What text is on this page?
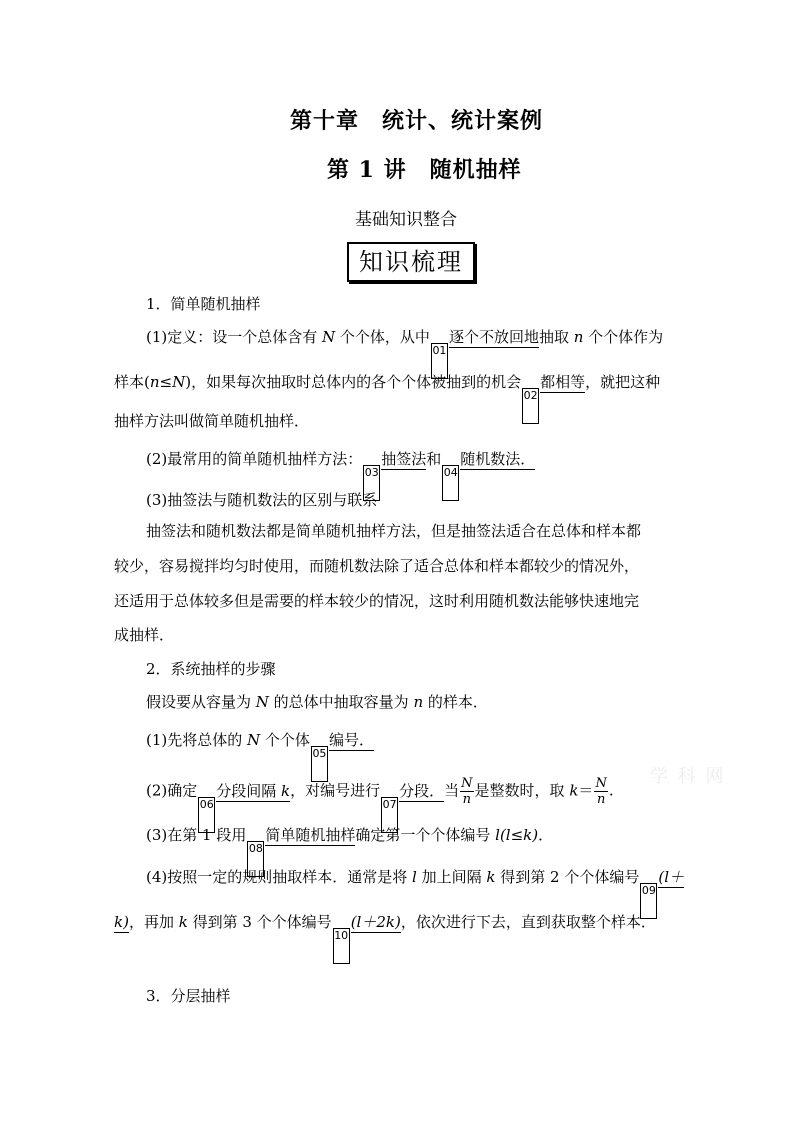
第十章　统计、统计案例
第 1 讲　随机抽样
基础知识整合
知识梳理
1．简单随机抽样
(1)定义：设一个总体含有 N 个个体，从中01逐个不放回地抽取 n 个个体作为
样本(n≤N)，如果每次抽取时总体内的各个个体被抽到的机会02都相等，就把这种
抽样方法叫做简单随机抽样．
(2)最常用的简单随机抽样方法：03抽签法和04随机数法．
(3)抽签法与随机数法的区别与联系
抽签法和随机数法都是简单随机抽样方法，但是抽签法适合在总体和样本都
较少，容易搅拌均匀时使用，而随机数法除了适合总体和样本都较少的情况外，
还适用于总体较多但是需要的样本较少的情况，这时利用随机数法能够快速地完
成抽样．
2．系统抽样的步骤
假设要从容量为 N 的总体中抽取容量为 n 的样本．
(1)先将总体的 N 个个体05编号．
(2)确定06分段间隔 k，对编号进行07分段．当 $\frac{N}{n}$ 是整数时，取 $k= \frac{N}{n}$ .
(3)在第 1 段用08简单随机抽样确定第一个个体编号 l(l≤k)．
(4)按照一定的规则抽取样本．通常是将 l 加上间隔 k 得到第 2 个个体编号09(l＋
k)，再加 k 得到第 3 个个体编号10(l＋2k)，依次进行下去，直到获取整个样本．
3．分层抽样
学 科 网
